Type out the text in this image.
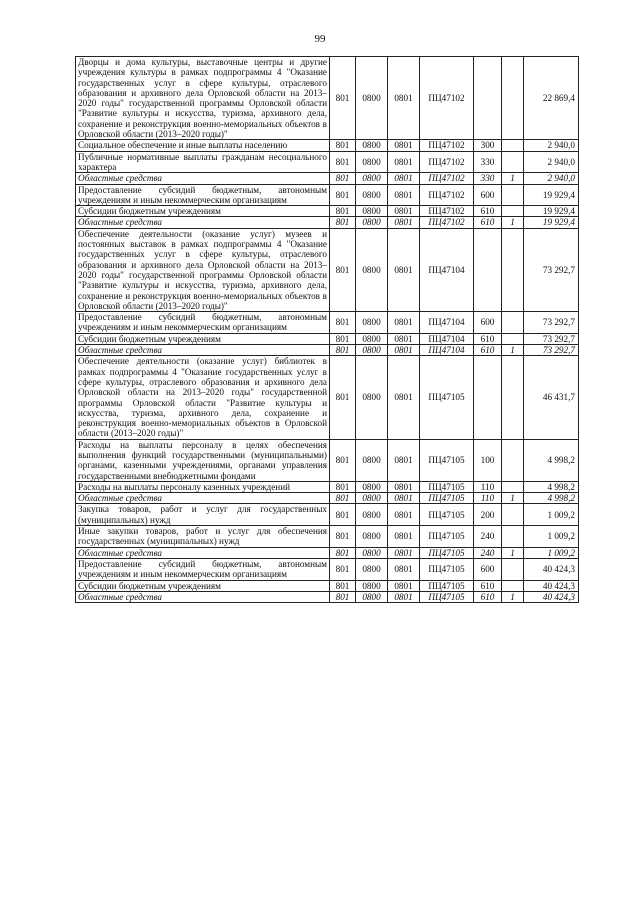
99
Дворцы и дома культуры, выставочные центры и другие учреждения культуры в рамках подпрограммы 4 "Оказание государственных услуг в сфере культуры, отраслевого образования и архивного дела Орловской области на 2013–2020 годы" государственной программы Орловской области "Развитие культуры и искусства, туризма, архивного дела, сохранение и реконструкция военно-мемориальных объектов в Орловской области (2013–2020 годы)"	801	0800	0801	ПЦ47102			22 869,4
Социальное обеспечение и иные выплаты населению	801	0800	0801	ПЦ47102	300		2 940,0
Публичные нормативные выплаты гражданам несоциального характера	801	0800	0801	ПЦ47102	330		2 940,0
Областные средства	801	0800	0801	ПЦ47102	330	1	2 940,0
Предоставление субсидий бюджетным, автономным учреждениям и иным некоммерческим организациям	801	0800	0801	ПЦ47102	600		19 929,4
Субсидии бюджетным учреждениям	801	0800	0801	ПЦ47102	610		19 929,4
Областные средства	801	0800	0801	ПЦ47102	610	1	19 929,4
Обеспечение деятельности (оказание услуг) музеев и постоянных выставок в рамках подпрограммы 4 "Оказание государственных услуг в сфере культуры, отраслевого образования и архивного дела Орловской области на 2013–2020 годы" государственной программы Орловской области "Развитие культуры и искусства, туризма, архивного дела, сохранение и реконструкция военно-мемориальных объектов в Орловской области (2013–2020 годы)"	801	0800	0801	ПЦ47104			73 292,7
Предоставление субсидий бюджетным, автономным учреждениям и иным некоммерческим организациям	801	0800	0801	ПЦ47104	600		73 292,7
Субсидии бюджетным учреждениям	801	0800	0801	ПЦ47104	610		73 292,7
Областные средства	801	0800	0801	ПЦ47104	610	1	73 292,7
Обеспечение деятельности (оказание услуг) библиотек в рамках подпрограммы 4 "Оказание государственных услуг в сфере культуры, отраслевого образования и архивного дела Орловской области на 2013–2020 годы" государственной программы Орловской области "Развитие культуры и искусства, туризма, архивного дела, сохранение и реконструкция военно-мемориальных объектов в Орловской области (2013–2020 годы)"	801	0800	0801	ПЦ47105			46 431,7
Расходы на выплаты персоналу в целях обеспечения выполнения функций государственными (муниципальными) органами, казенными учреждениями, органами управления государственными внебюджетными фондами	801	0800	0801	ПЦ47105	100		4 998,2
Расходы на выплаты персоналу казенных учреждений	801	0800	0801	ПЦ47105	110		4 998,2
Областные средства	801	0800	0801	ПЦ47105	110	1	4 998,2
Закупка товаров, работ и услуг для государственных (муниципальных) нужд	801	0800	0801	ПЦ47105	200		1 009,2
Иные закупки товаров, работ и услуг для обеспечения государственных (муниципальных) нужд	801	0800	0801	ПЦ47105	240		1 009,2
Областные средства	801	0800	0801	ПЦ47105	240	1	1 009,2
Предоставление субсидий бюджетным, автономным учреждениям и иным некоммерческим организациям	801	0800	0801	ПЦ47105	600		40 424,3
Субсидии бюджетным учреждениям	801	0800	0801	ПЦ47105	610		40 424,3
Областные средства	801	0800	0801	ПЦ47105	610	1	40 424,3
